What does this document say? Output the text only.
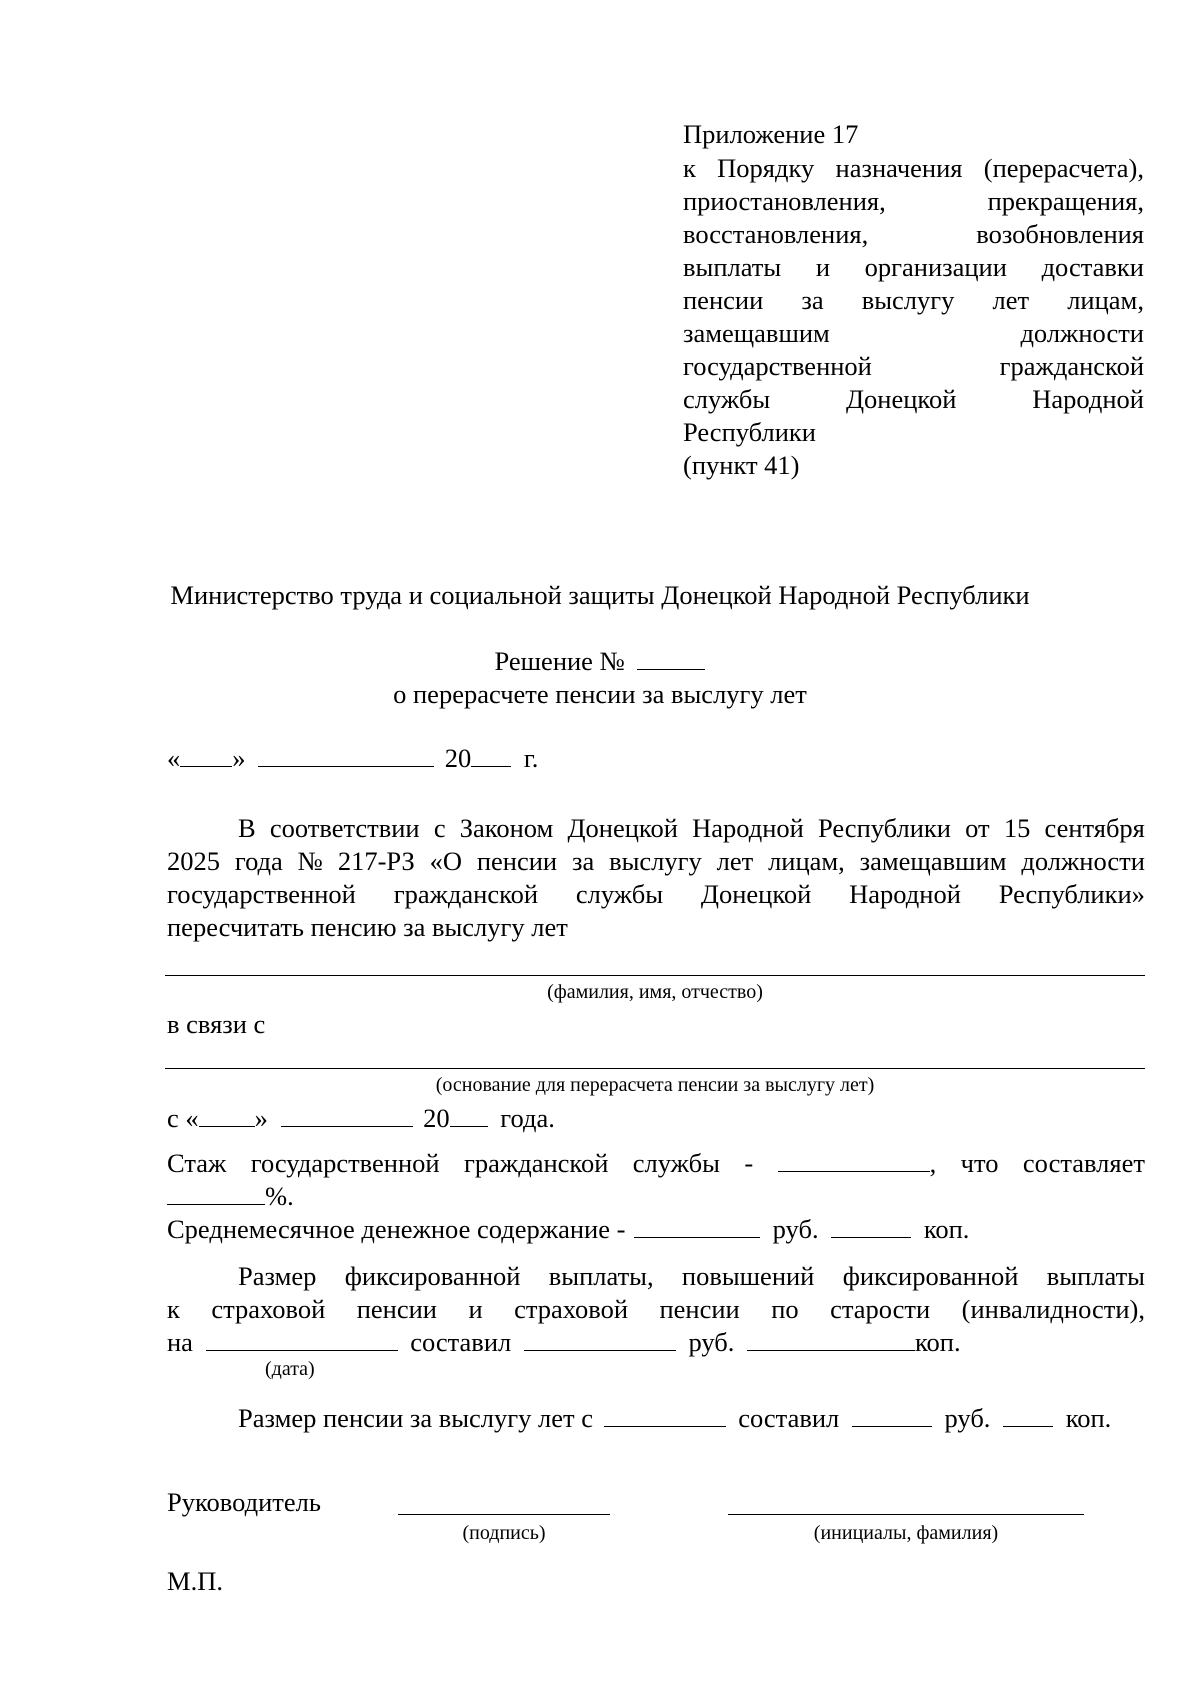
Приложение 17
к Порядку назначения (перерасчета),
приостановления,	прекращения,
восстановления,	возобновления
выплаты и организации доставки
пенсии за выслугу лет лицам,
замещавшим	должности
государственной	гражданской
службы	Донецкой	Народной
Республики
(пункт 41)
Министерство труда и социальной защиты Донецкой Народной Республики
Решение №
о перерасчете пенсии за выслугу лет
« »	20 г.
В соответствии с Законом Донецкой Народной Республики от 15 сентября
2025 года № 217-РЗ «О пенсии за выслугу лет лицам, замещавшим должности
государственной гражданской службы Донецкой Народной Республики»
пересчитать пенсию за выслугу лет
(фамилия, имя, отчество)
в связи с
(основание для перерасчета пенсии за выслугу лет)
с « »	20 года.
Стаж государственной гражданской службы -	, что составляет
%.
Среднемесячное денежное содержание -	руб.	коп.
Размер фиксированной выплаты, повышений фиксированной выплаты
к страховой пенсии и страховой пенсии по старости (инвалидности),
на	составил	руб.	коп.
(дата)
Размер пенсии за выслугу лет с	составил	руб.	коп.
Руководитель
(подпись)	(инициалы, фамилия)
М.П.
